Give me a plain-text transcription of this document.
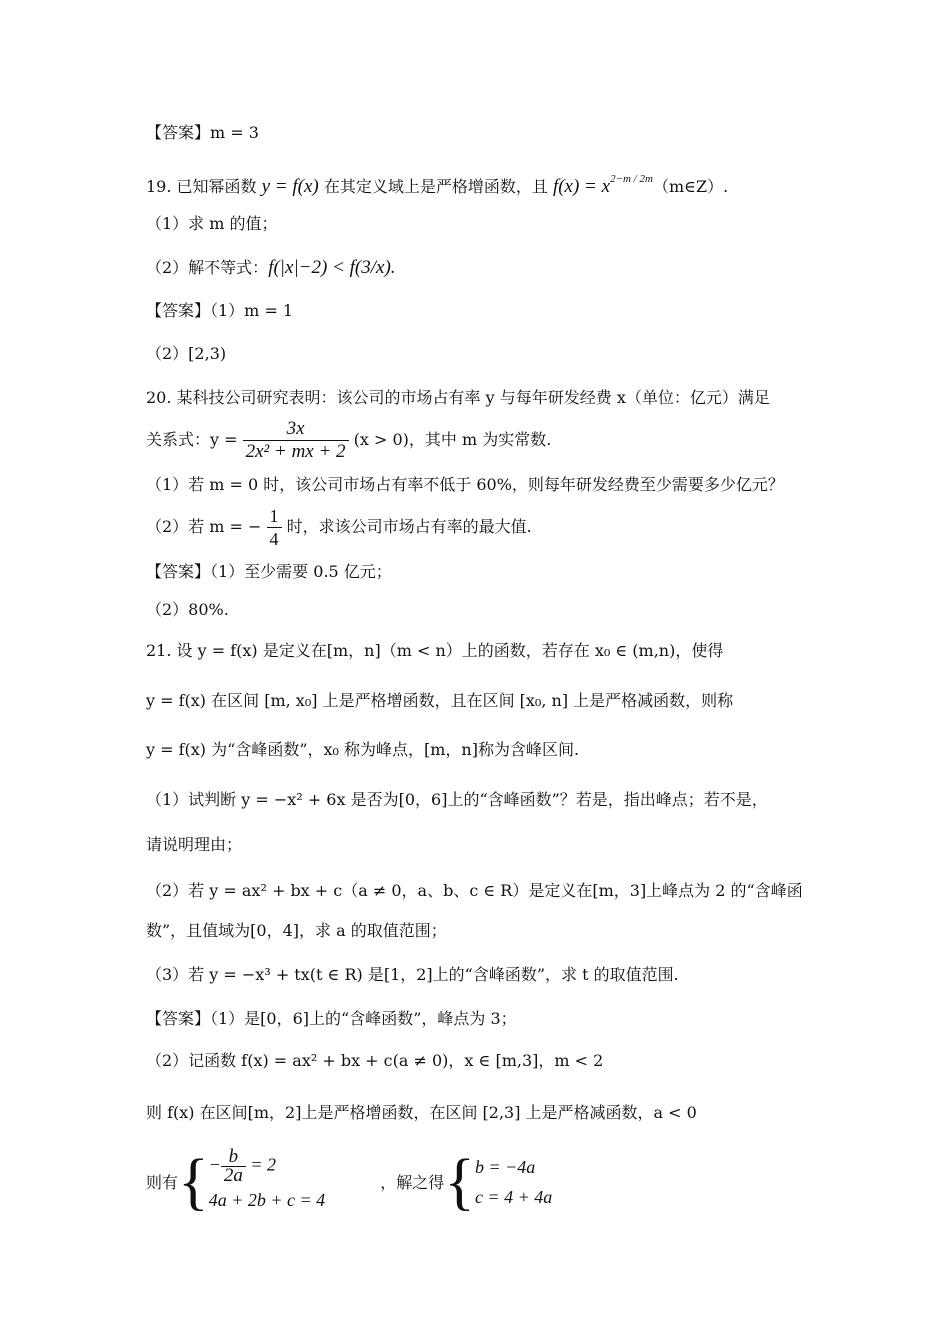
【答案】m = 3
19. 已知幂函数 y = f(x) 在其定义域上是严格增函数，且 $f(x) = x^{2-m / 2m}(m\in Z)$.
（1）求 m 的值；
（2）解不等式：f(|x|−2) < f(3/x).
【答案】（1）m = 1
（2）[2,3)
20. 某科技公司研究表明：该公司的市场占有率 y 与每年研发经费 x（单位：亿元）满足
关系式：$y = \frac{3x}{\text{2x² + mx + 2}} (x > 0)$，其中 m 为实常数.
（1）若 m = 0 时，该公司市场占有率不低于 60%，则每年研发经费至少需要多少亿元？
（2）若 m = − $\frac{1}{4}$ 时，求该公司市场占有率的最大值.
【答案】（1）至少需要 0.5 亿元；
（2）80%.
21. 设 y = f(x) 是定义在[m，n]（m < n）上的函数，若存在 x₀ ∈ (m,n)，使得
y = f(x) 在区间 [m, x₀] 上是严格增函数，且在区间 [x₀, n] 上是严格减函数，则称
y = f(x) 为“含峰函数”，x₀ 称为峰点，[m，n]称为含峰区间.
（1）试判断 y = −x² + 6x 是否为[0，6]上的“含峰函数”？若是，指出峰点；若不是，
请说明理由；
（2）若 y = ax² + bx + c（a ≠ 0，a、b、c ∈ R）是定义在[m，3]上峰点为 2 的“含峰函
数”，且值域为[0，4]，求 a 的取值范围；
（3）若 y = −x³ + tx(t ∈ R) 是[1，2]上的“含峰函数”，求 t 的取值范围.
【答案】（1）是[0，6]上的“含峰函数”，峰点为 3；
（2）记函数 f(x) = ax² + bx + c(a ≠ 0)，x ∈ [m,3]，m < 2
则 f(x) 在区间[m，2]上是严格增函数，在区间 [2,3] 上是严格减函数，a < 0
则有{ − $\frac{b}{2a} = 2$
4a + 2b + c = 4
，解之得{ b = −4a
c = 4 + 4a
